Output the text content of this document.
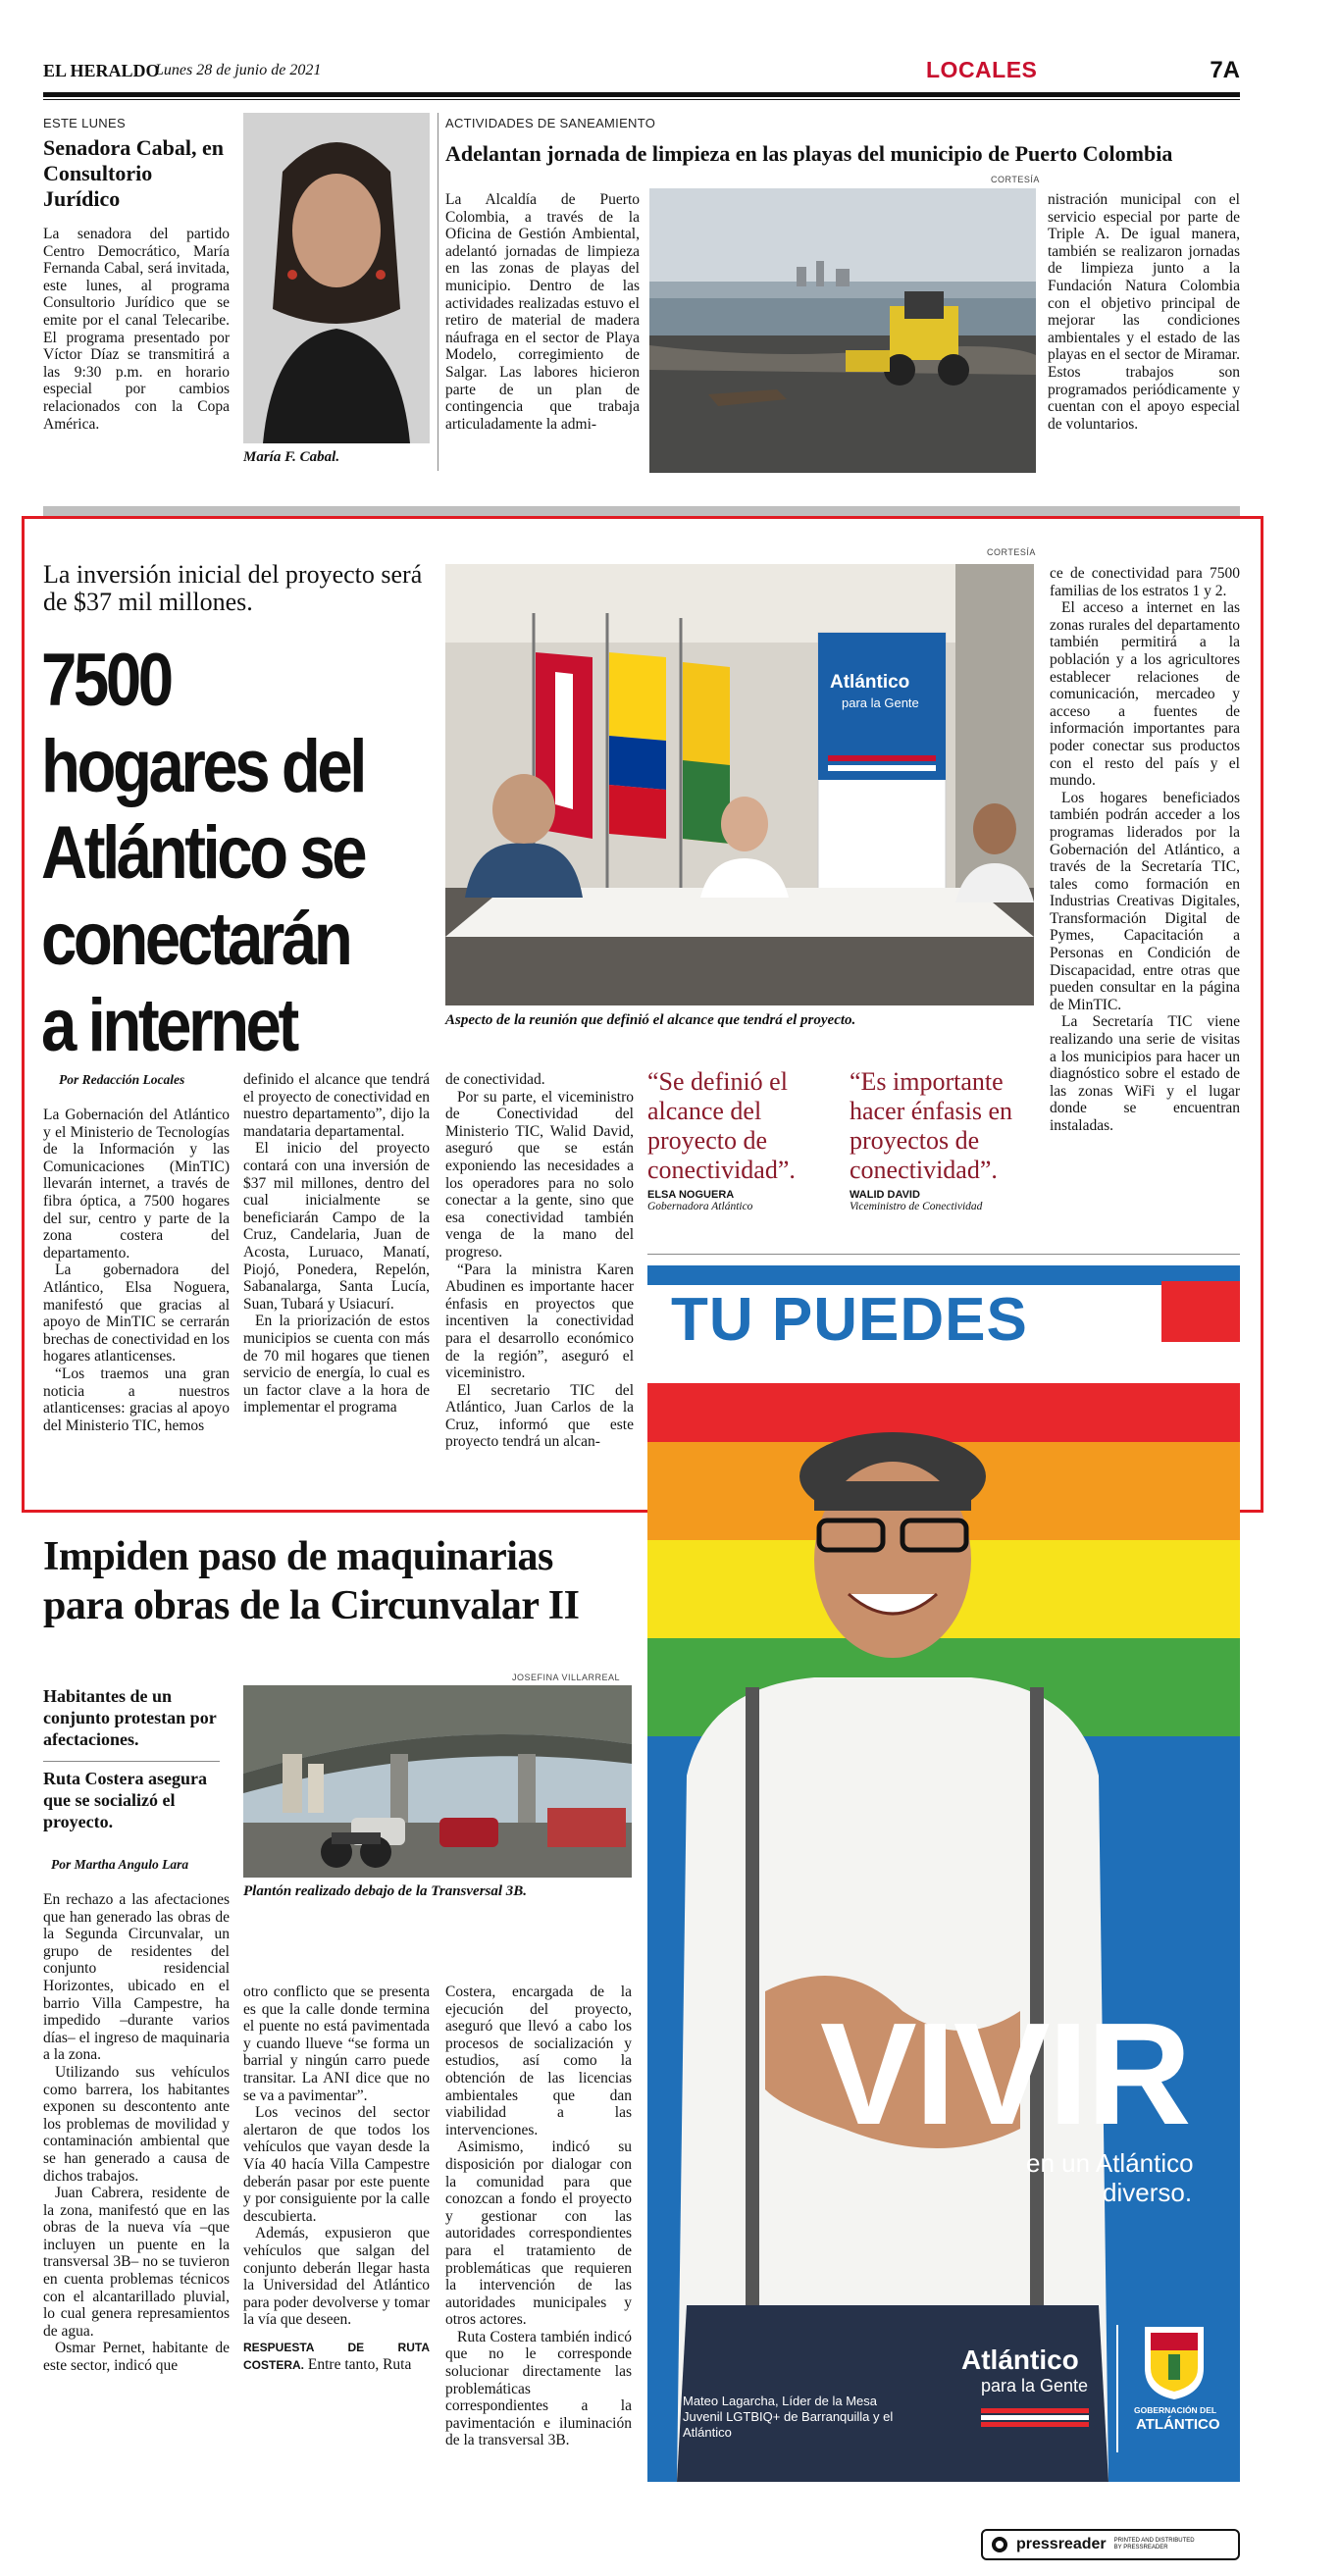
EL HERALDO
Lunes 28 de junio de 2021	LOCALES	7A
ESTE LUNES
Senadora Cabal, en Consultorio Jurídico
La senadora del partido Centro Democrático, María Fernanda Cabal, será invitada, este lunes, al programa Consultorio Jurídico que se emite por el canal Telecaribe. El programa presentado por Víctor Díaz se transmitirá a las 9:30 p.m. en horario especial por cambios relacionados con la Copa América.
María F. Cabal.
ACTIVIDADES DE SANEAMIENTO
Adelantan jornada de limpieza en las playas del municipio de Puerto Colombia
CORTESÍA
La Alcaldía de Puerto Colombia, a través de la Oficina de Gestión Ambiental, adelantó jornadas de limpieza en las zonas de playas del municipio. Dentro de las actividades realizadas estuvo el retiro de material de madera náufraga en el sector de Playa Modelo, corregimiento de Salgar. Las labores hicieron parte de un plan de contingencia que trabaja articuladamente la admi-
nistración municipal con el servicio especial por parte de Triple A. De igual manera, también se realizaron jornadas de limpieza junto a la Fundación Natura Colombia con el objetivo principal de mejorar las condiciones ambientales y el estado de las playas en el sector de Miramar. Estos trabajos son programados periódicamente y cuentan con el apoyo especial de voluntarios.
La inversión inicial del proyecto será de $37 mil millones.
7500 hogares del Atlántico se conectarán a internet
CORTESÍA
Atlántico
para la Gente
Aspecto de la reunión que definió el alcance que tendrá el proyecto.
Por Redacción Locales

La Gobernación del Atlántico y el Ministerio de Tecnologías de la Información y las Comunicaciones (MinTIC) llevarán internet, a través de fibra óptica, a 7500 hogares del sur, centro y parte de la zona costera del departamento.

La gobernadora del Atlántico, Elsa Noguera, manifestó que gracias al apoyo de MinTIC se cerrarán brechas de conectividad en los hogares atlanticenses.

“Los traemos una gran noticia a nuestros atlanticenses: gracias al apoyo del Ministerio TIC, hemos

definido el alcance que tendrá el proyecto de conectividad en nuestro departamento”, dijo la mandataria departamental.

El inicio del proyecto contará con una inversión de $37 mil millones, dentro del cual inicialmente se beneficiarán Campo de la Cruz, Candelaria, Juan de Acosta, Luruaco, Manatí, Piojó, Ponedera, Repelón, Sabanalarga, Santa Lucía, Suan, Tubará y Usiacurí.

En la priorización de estos municipios se cuenta con más de 70 mil hogares que tienen servicio de energía, lo cual es un factor clave a la hora de implementar el programa

de conectividad.

Por su parte, el viceministro de Conectividad del Ministerio TIC, Walid David, aseguró que se están exponiendo las necesidades a los operadores para no solo conectar a la gente, sino que esa conectividad también venga de la mano del progreso.

“Para la ministra Karen Abudinen es importante hacer énfasis en proyectos que incentiven la conectividad para el desarrollo económico de la región”, aseguró el viceministro.

El secretario TIC del Atlántico, Juan Carlos de la Cruz, informó que este proyecto tendrá un alcan-

“Se definió el alcance del proyecto de conectividad”.
ELSA NOGUERA
Gobernadora Atlántico
“Es importante hacer énfasis en proyectos de conectividad”.
WALID DAVID
Viceministro de Conectividad

ce de conectividad para 7500 familias de los estratos 1 y 2.

El acceso a internet en las zonas rurales del departamento también permitirá a la población y a los agricultores establecer relaciones de comunicación, mercadeo y acceso a fuentes de información importantes para poder conectar sus productos con el resto del país y el mundo.

Los hogares beneficiados también podrán acceder a los programas liderados por la Gobernación del Atlántico, a través de la Secretaría TIC, tales como formación en Industrias Creativas Digitales, Transformación Digital de Pymes, Capacitación a Personas en Condición de Discapacidad, entre otras que pueden consultar en la página de MinTIC.

La Secretaría TIC viene realizando una serie de visitas a los municipios para hacer un diagnóstico sobre el estado de las zonas WiFi y el lugar donde se encuentran instaladas.

TU PUEDES
VIVIR
en un Atlántico
diverso.
Mateo Lagarcha, Líder de la Mesa Juvenil LGTBIQ+ de Barranquilla y el Atlántico
Atlántico
para la Gente
GOBERNACIÓN DEL
ATLÁNTICO
Impiden paso de maquinarias para obras de la Circunvalar II
Habitantes de un conjunto protestan por afectaciones.
Ruta Costera asegura que se socializó el proyecto.
Por Martha Angulo Lara
JOSEFINA VILLARREAL
Plantón realizado debajo de la Transversal 3B.

En rechazo a las afectaciones que han generado las obras de la Segunda Circunvalar, un grupo de residentes del conjunto residencial Horizontes, ubicado en el barrio Villa Campestre, ha impedido –durante varios días– el ingreso de maquinaria a la zona.

Utilizando sus vehículos como barrera, los habitantes exponen su descontento ante los problemas de movilidad y contaminación ambiental que se han generado a causa de dichos trabajos.

Juan Cabrera, residente de la zona, manifestó que en las obras de la nueva vía –que incluyen un puente en la transversal 3B– no se tuvieron en cuenta problemas técnicos con el alcantarillado pluvial, lo cual genera represamientos de agua.

Osmar Pernet, habitante de este sector, indicó que

otro conflicto que se presenta es que la calle donde termina el puente no está pavimentada y cuando llueve “se forma un barrial y ningún carro puede transitar. La ANI dice que no se va a pavimentar”.

Los vecinos del sector alertaron de que todos los vehículos que vayan desde la Vía 40 hacía Villa Campestre deberán pasar por este puente y por consiguiente por la calle descubierta.

Además, expusieron que vehículos que salgan del conjunto deberán llegar hasta la Universidad del Atlántico para poder devolverse y tomar la vía que deseen.

RESPUESTA DE RUTA COSTERA. Entre tanto, Ruta

Costera, encargada de la ejecución del proyecto, aseguró que llevó a cabo los procesos de socialización y estudios, así como la obtención de las licencias ambientales que dan viabilidad a las intervenciones.

Asimismo, indicó su disposición por dialogar con la comunidad para que conozcan a fondo el proyecto y gestionar con las autoridades correspondientes para el tratamiento de problemáticas que requieren la intervención de las autoridades municipales y otros actores.

Ruta Costera también indicó que no le corresponde solucionar directamente las problemáticas correspondientes a la pavimentación e iluminación de la transversal 3B.

pressreader PRINTED AND DISTRIBUTED BY PRESSREADER
